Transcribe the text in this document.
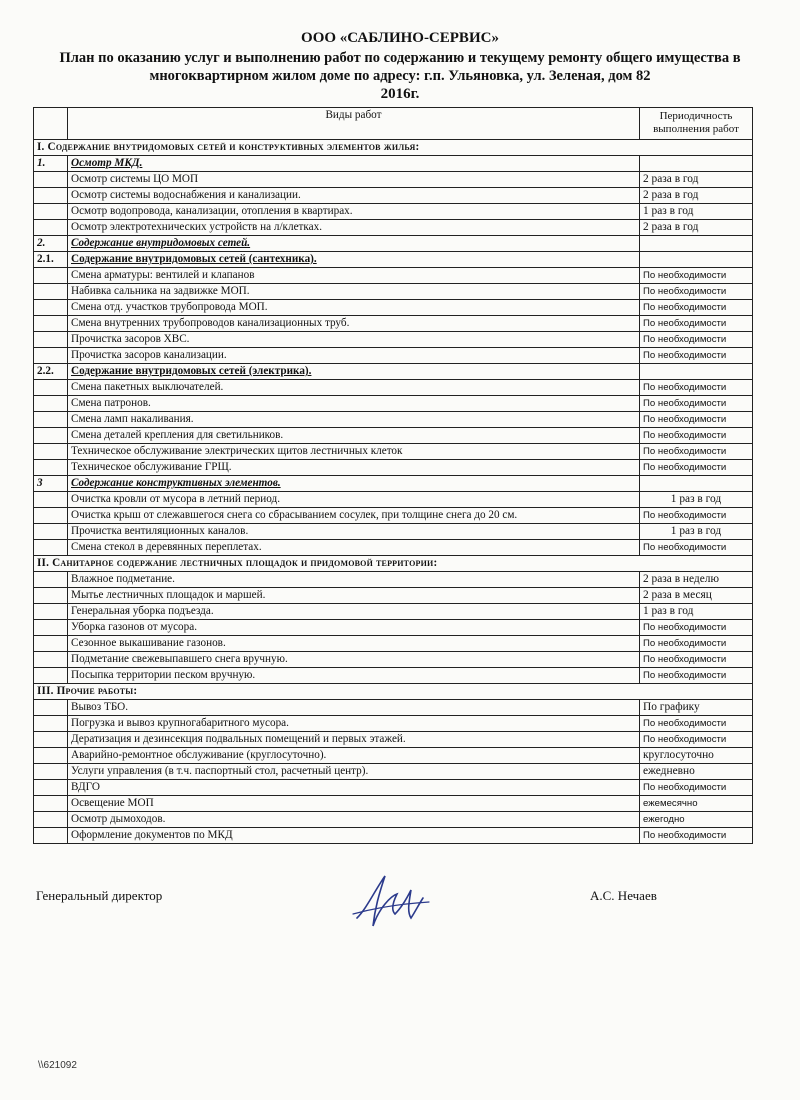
ООО «САБЛИНО-СЕРВИС»
План по оказанию услуг и выполнению работ по содержанию и текущему ремонту общего имущества в многоквартирном жилом доме по адресу: г.п. Ульяновка, ул. Зеленая, дом 82
2016г.
	Виды работ	Периодичность выполнения работ
I. Содержание внутридомовых сетей и конструктивных элементов жилья:		
1.	Осмотр МКД.	
	Осмотр системы ЦО МОП	2 раза в год
	Осмотр системы водоснабжения и канализации.	2 раза в год
	Осмотр водопровода, канализации, отопления в квартирах.	1 раз в год
	Осмотр электротехнических устройств на л/клетках.	2 раза в год
2.	Содержание внутридомовых сетей.	
2.1.	Содержание внутридомовых сетей (сантехника).	
	Смена арматуры: вентилей и клапанов	По необходимости
	Набивка сальника на задвижке МОП.	По необходимости
	Смена отд. участков трубопровода МОП.	По необходимости
	Смена внутренних трубопроводов канализационных труб.	По необходимости
	Прочистка засоров ХВС.	По необходимости
	Прочистка засоров канализации.	По необходимости
2.2.	Содержание внутридомовых сетей (электрика).	
	Смена пакетных выключателей.	По необходимости
	Смена патронов.	По необходимости
	Смена ламп накаливания.	По необходимости
	Смена деталей крепления для светильников.	По необходимости
	Техническое обслуживание электрических щитов лестничных клеток	По необходимости
	Техническое обслуживание ГРЩ.	По необходимости
3	Содержание конструктивных элементов.	
	Очистка кровли от мусора в летний период.	1 раз в год
	Очистка крыш от слежавшегося снега со сбрасыванием сосулек, при толщине снега до 20 см.	По необходимости
	Прочистка вентиляционных каналов.	1 раз в год
	Смена стекол в деревянных переплетах.	По необходимости
II. Санитарное содержание лестничных площадок и придомовой территории:		
	Влажное подметание.	2 раза в неделю
	Мытье лестничных площадок и маршей.	2 раза в месяц
	Генеральная уборка подъезда.	1 раз в год
	Уборка газонов от мусора.	По необходимости
	Сезонное выкашивание газонов.	По необходимости
	Подметание свежевыпавшего снега вручную.	По необходимости
	Посыпка территории песком вручную.	По необходимости
III. Прочие работы:		
	Вывоз ТБО.	По графику
	Погрузка и вывоз крупногабаритного мусора.	По необходимости
	Дератизация и дезинсекция подвальных помещений и первых этажей.	По необходимости
	Аварийно-ремонтное обслуживание (круглосуточно).	круглосуточно
	Услуги управления (в т.ч. паспортный стол, расчетный центр).	ежедневно
	ВДГО	По необходимости
	Освещение МОП	ежемесячно
	Осмотр дымоходов.	ежегодно
	Оформление документов по МКД	По необходимости
Генеральный директор	А.С. Нечаев
\\621092
